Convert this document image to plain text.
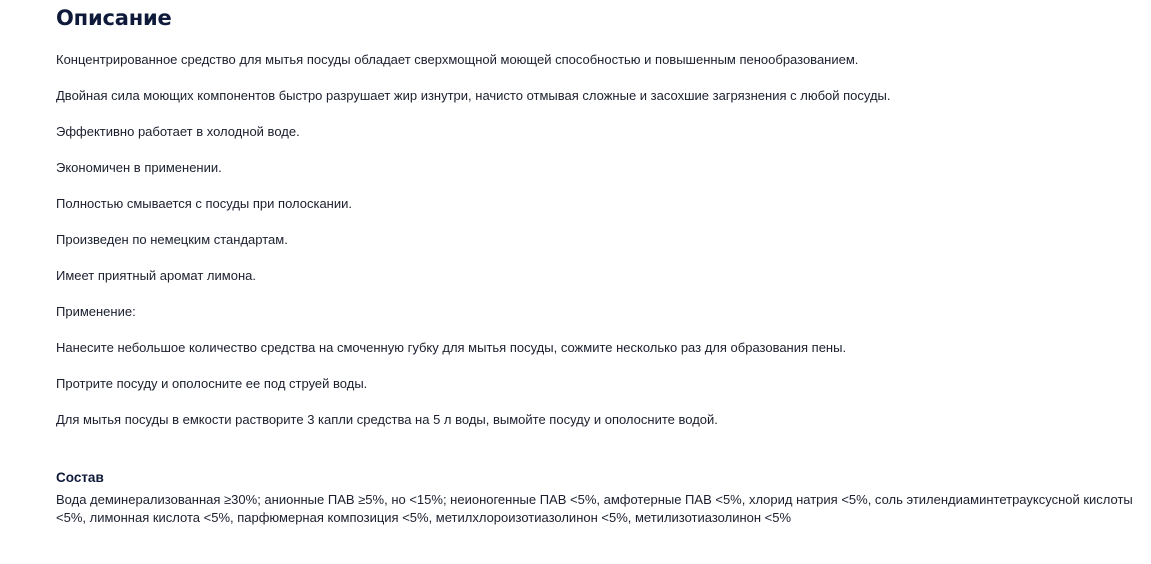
Описание

Концентрированное средство для мытья посуды обладает сверхмощной моющей способностью и повышенным пенообразованием.

Двойная сила моющих компонентов быстро разрушает жир изнутри, начисто отмывая сложные и засохшие загрязнения с любой посуды.

Эффективно работает в холодной воде.

Экономичен в применении.

Полностью смывается с посуды при полоскании.

Произведен по немецким стандартам.

Имеет приятный аромат лимона.

Применение:

Нанесите небольшое количество средства на смоченную губку для мытья посуды, сожмите несколько раз для образования пены.

Протрите посуду и ополосните ее под струей воды.

Для мытья посуды в емкости растворите 3 капли средства на 5 л воды, вымойте посуду и ополосните водой.

Состав

Вода деминерализованная ≥30%; анионные ПАВ ≥5%, но <15%; неионогенные ПАВ <5%, амфотерные ПАВ <5%, хлорид натрия <5%, соль этилендиаминтетрауксусной кислоты <5%, лимонная кислота <5%, парфюмерная композиция <5%, метилхлороизотиазолинон <5%, метилизотиазолинон <5%
